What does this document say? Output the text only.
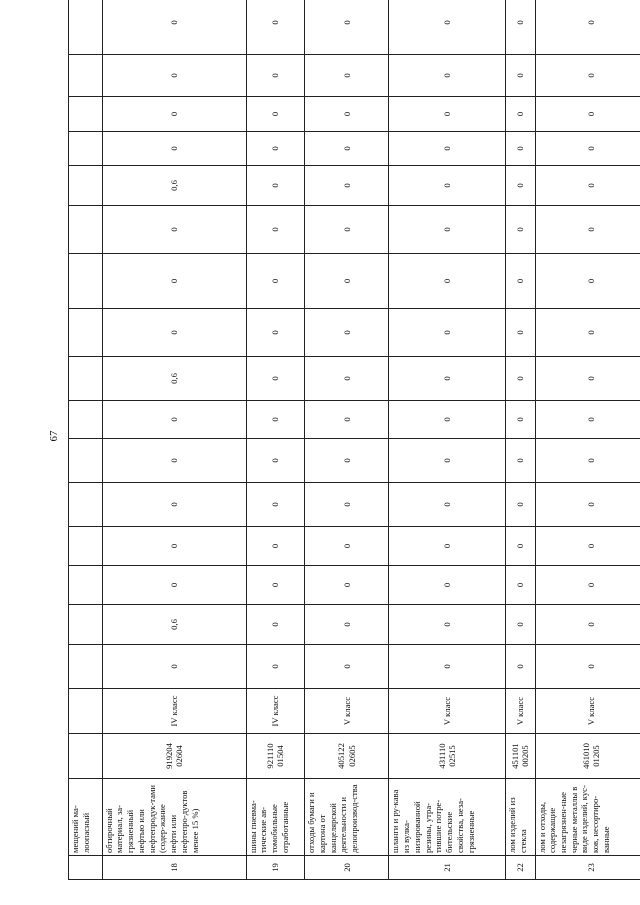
67
	мещений ма-лоопасный																		
18	обтирочный материал, за-грязненный нефтью или нефтепродук-тами (содер-жание нефти или нефтепро-дуктов менее 15 %)	919204 02604	IV класс	0	0,6	0	0	0	0	0	0,6	0	0	0	0,6	0	0	0	0
19	шины пневма-тические ав-томобильные отработанные	921110 01504	IV класс	0	0	0	0	0	0	0	0	0	0	0	0	0	0	0	0
20	отходы бумаги и картона от канцелярской деятельности и делопроизвод-ства	405122 02605	V класс	0	0	0	0	0	0	0	0	0	0	0	0	0	0	0	0
21	шланги и ру-кава из вулка-низированной резины, утра-тившие потре-бительские свойства, неза-грязненные	431110 02515	V класс	0	0	0	0	0	0	0	0	0	0	0	0	0	0	0	0
22	лом изделий из стекла	451101 00205	V класс	0	0	0	0	0	0	0	0	0	0	0	0	0	0	0	0
23	лом и отходы, содержащие незагрязнен-ные черные металлы в виде изделий, кус-ков, несортиро-ванные	461010 01205	V класс	0	0	0	0	0	0	0	0	0	0	0	0	0	0	0	0
